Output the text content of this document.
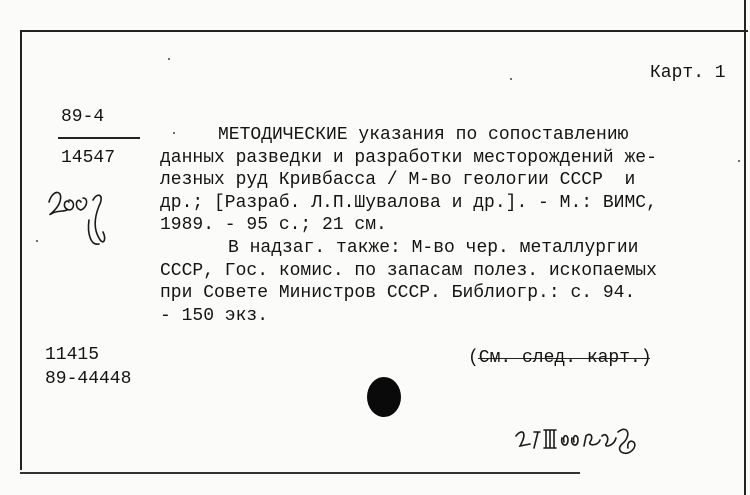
Карт. 1
89-4
14547
МЕТОДИЧЕСКИЕ указания по сопоставлению
данных разведки и разработки месторождений же-
лезных руд Кривбасса / М-во геологии СССР  и
др.; [Разраб. Л.П.Шувалова и др.]. - М.: ВИМС,
1989. - 95 с.; 21 см.
В надзаг. также: М-во чер. металлургии
СССР, Гос. комис. по запасам полез. ископаемых
при Совете Министров СССР. Библиогр.: с. 94.
- 150 экз.
11415
89-44448
(См. след. карт.)
